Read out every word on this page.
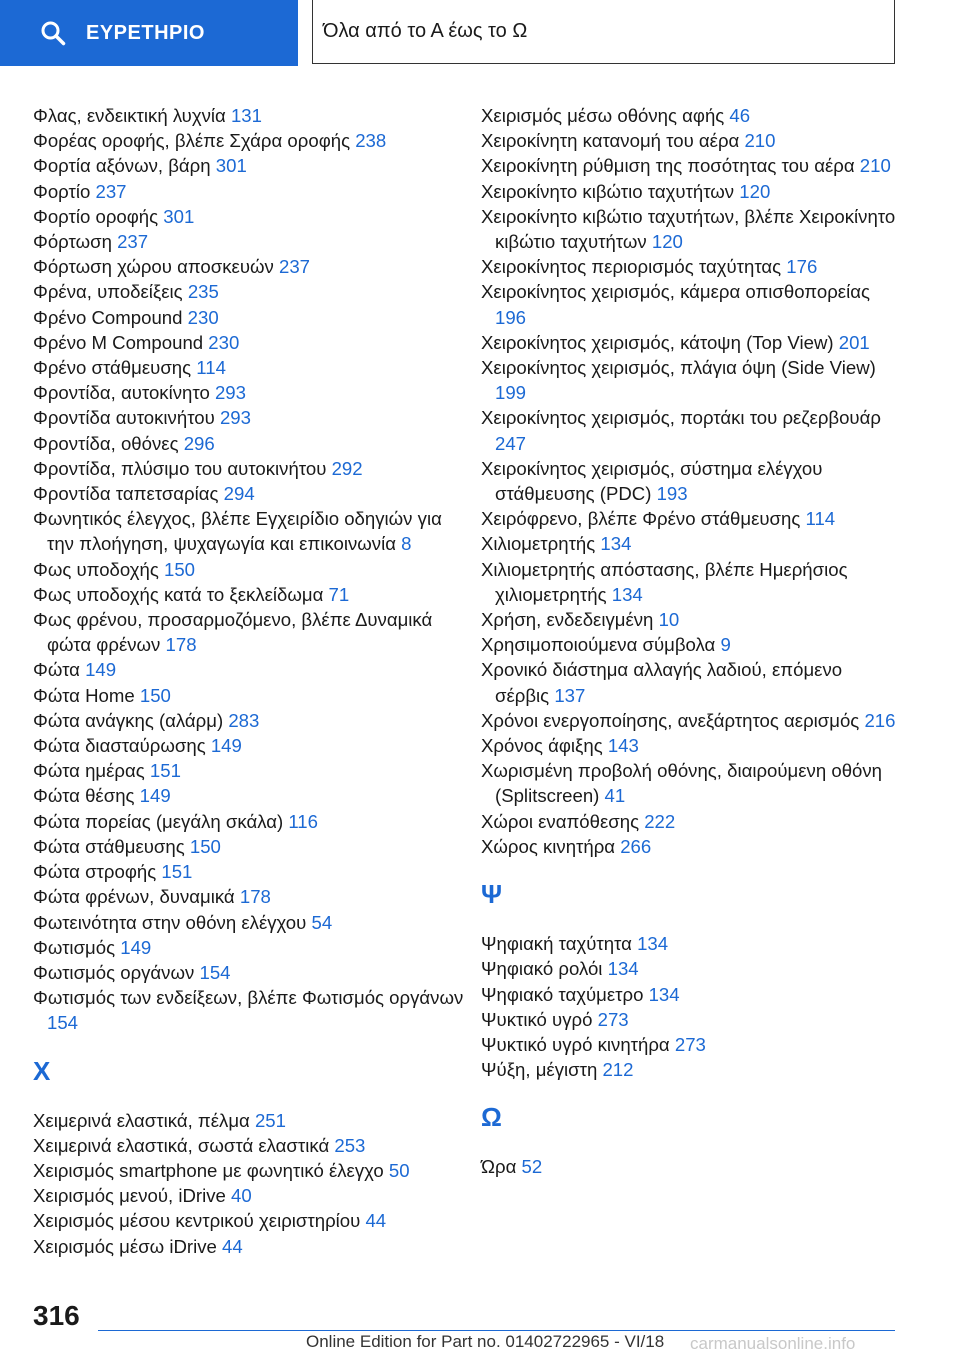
ΕΥΡΕΤΗΡΙΟ	Όλα από το Α έως το Ω
Φλας, ενδεικτική λυχνία 131
Φορέας οροφής, βλέπε Σχάρα οροφής 238
Φορτία αξόνων, βάρη 301
Φορτίο 237
Φορτίο οροφής 301
Φόρτωση 237
Φόρτωση χώρου αποσκευών 237
Φρένα, υποδείξεις 235
Φρένο Compound 230
Φρένο M Compound 230
Φρένο στάθμευσης 114
Φροντίδα, αυτοκίνητο 293
Φροντίδα αυτοκινήτου 293
Φροντίδα, οθόνες 296
Φροντίδα, πλύσιμο του αυτοκινήτου 292
Φροντίδα ταπετσαρίας 294
Φωνητικός έλεγχος, βλέπε Εγχειρίδιο οδηγιών για την πλοήγηση, ψυχαγωγία και επικοινωνία 8
Φως υποδοχής 150
Φως υποδοχής κατά το ξεκλείδωμα 71
Φως φρένου, προσαρμοζόμενο, βλέπε Δυναμικά φώτα φρένων 178
Φώτα 149
Φώτα Home 150
Φώτα ανάγκης (αλάρμ) 283
Φώτα διασταύρωσης 149
Φώτα ημέρας 151
Φώτα θέσης 149
Φώτα πορείας (μεγάλη σκάλα) 116
Φώτα στάθμευσης 150
Φώτα στροφής 151
Φώτα φρένων, δυναμικά 178
Φωτεινότητα στην οθόνη ελέγχου 54
Φωτισμός 149
Φωτισμός οργάνων 154
Φωτισμός των ενδείξεων, βλέπε Φωτισμός οργάνων 154
Χ
Χειμερινά ελαστικά, πέλμα 251
Χειμερινά ελαστικά, σωστά ελαστικά 253
Χειρισμός smartphone με φωνητικό έλεγχο 50
Χειρισμός μενού, iDrive 40
Χειρισμός μέσου κεντρικού χειριστηρίου 44
Χειρισμός μέσω iDrive 44
Χειρισμός μέσω οθόνης αφής 46
Χειροκίνητη κατανομή του αέρα 210
Χειροκίνητη ρύθμιση της ποσότητας του αέρα 210
Χειροκίνητο κιβώτιο ταχυτήτων 120
Χειροκίνητο κιβώτιο ταχυτήτων, βλέπε Χειροκίνητο κιβώτιο ταχυτήτων 120
Χειροκίνητος περιορισμός ταχύτητας 176
Χειροκίνητος χειρισμός, κάμερα οπισθοπορείας 196
Χειροκίνητος χειρισμός, κάτοψη (Top View) 201
Χειροκίνητος χειρισμός, πλάγια όψη (Side View) 199
Χειροκίνητος χειρισμός, πορτάκι του ρεζερβουάρ 247
Χειροκίνητος χειρισμός, σύστημα ελέγχου στάθμευσης (PDC) 193
Χειρόφρενο, βλέπε Φρένο στάθμευσης 114
Χιλιομετρητής 134
Χιλιομετρητής απόστασης, βλέπε Ημερήσιος χιλιομετρητής 134
Χρήση, ενδεδειγμένη 10
Χρησιμοποιούμενα σύμβολα 9
Χρονικό διάστημα αλλαγής λαδιού, επόμενο σέρβις 137
Χρόνοι ενεργοποίησης, ανεξάρτητος αερισμός 216
Χρόνος άφιξης 143
Χωρισμένη προβολή οθόνης, διαιρούμενη οθόνη (Splitscreen) 41
Χώροι εναπόθεσης 222
Χώρος κινητήρα 266
Ψ
Ψηφιακή ταχύτητα 134
Ψηφιακό ρολόι 134
Ψηφιακό ταχύμετρο 134
Ψυκτικό υγρό 273
Ψυκτικό υγρό κινητήρα 273
Ψύξη, μέγιστη 212
Ω
Ώρα 52
316
Online Edition for Part no. 01402722965 - VI/18 carmanualsonline.info
